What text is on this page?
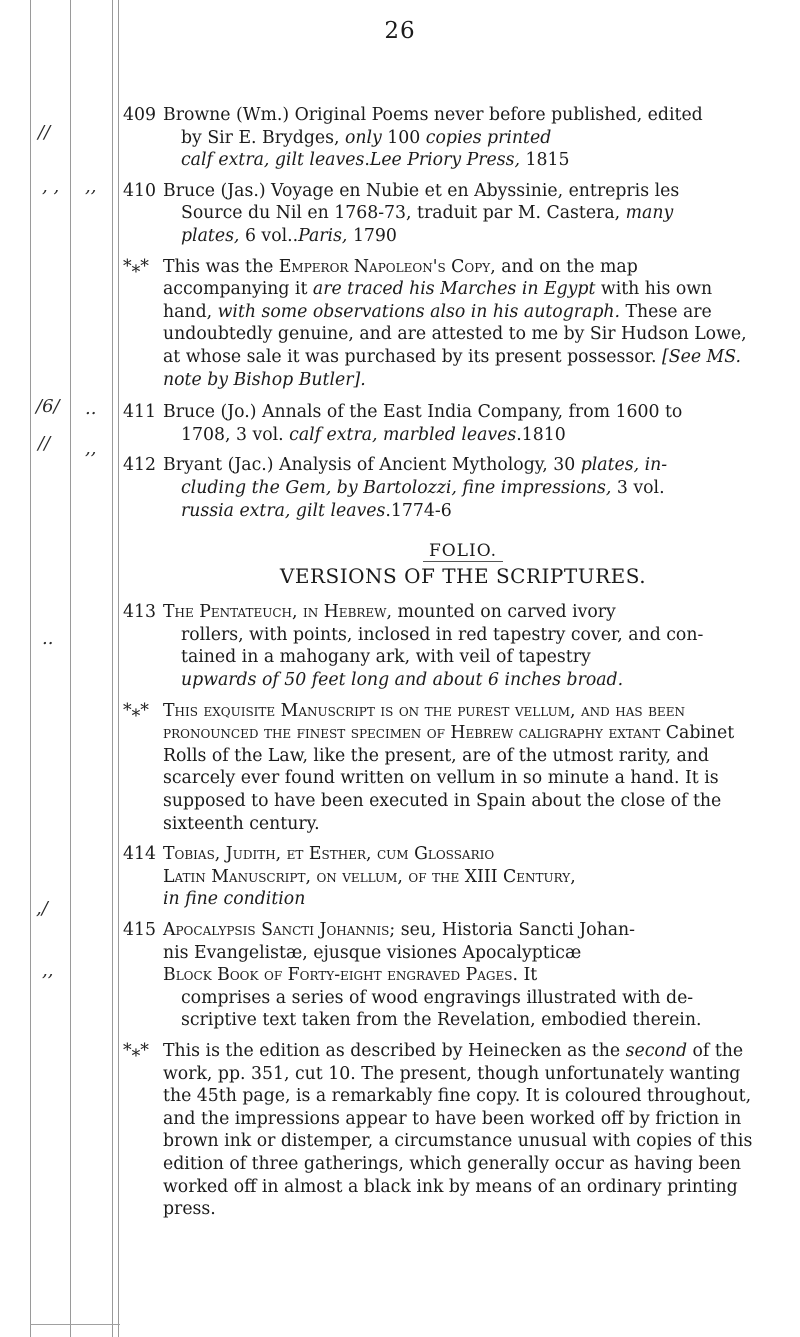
26
//
, , ,,
/6/ ..
// ,,
..
,/
,,
409 Browne (Wm.) Original Poems never before published, edited
by Sir E. Brydges, only 100 copies printed
calf extra, gilt leaves.Lee Priory Press, 1815
410 Bruce (Jas.) Voyage en Nubie et en Abyssinie, entrepris les
Source du Nil en 1768-73, traduit par M. Castera, many
plates, 6 vol..Paris, 1790
*⁎* This was the Emperor Napoleon's Copy, and on the map accompanying it are traced his Marches in Egypt with his own hand, with some observations also in his autograph. These are undoubtedly genuine, and are attested to me by Sir Hudson Lowe, at whose sale it was purchased by its present possessor. [See MS. note by Bishop Butler].
411 Bruce (Jo.) Annals of the East India Company, from 1600 to
1708, 3 vol. calf extra, marbled leaves.1810
412 Bryant (Jac.) Analysis of Ancient Mythology, 30 plates, in-
cluding the Gem, by Bartolozzi, fine impressions, 3 vol.
russia extra, gilt leaves.1774-6
FOLIO.
VERSIONS OF THE SCRIPTURES.
413 The Pentateuch, in Hebrew, mounted on carved ivory
rollers, with points, inclosed in red tapestry cover, and con-
tained in a mahogany ark, with veil of tapestry
upwards of 50 feet long and about 6 inches broad.
*⁎* This exquisite Manuscript is on the purest vellum, and has been pronounced the finest specimen of Hebrew caligraphy extant Cabinet Rolls of the Law, like the present, are of the utmost rarity, and scarcely ever found written on vellum in so minute a hand. It is supposed to have been executed in Spain about the close of the sixteenth century.
414 Tobias, Judith, et Esther, cum Glossario
Latin Manuscript, on vellum, of the XIII Century,
in fine condition
415 Apocalypsis Sancti Johannis; seu, Historia Sancti Johan-
nis Evangelistæ, ejusque visiones Apocalypticæ
Block Book of Forty-eight engraved Pages. It
comprises a series of wood engravings illustrated with de-
scriptive text taken from the Revelation, embodied therein.
*⁎* This is the edition as described by Heinecken as the second of the work, pp. 351, cut 10. The present, though unfortunately wanting the 45th page, is a remarkably fine copy. It is coloured throughout, and the impressions appear to have been worked off by friction in brown ink or distemper, a circumstance unusual with copies of this edition of three gatherings, which generally occur as having been worked off in almost a black ink by means of an ordinary printing press.
